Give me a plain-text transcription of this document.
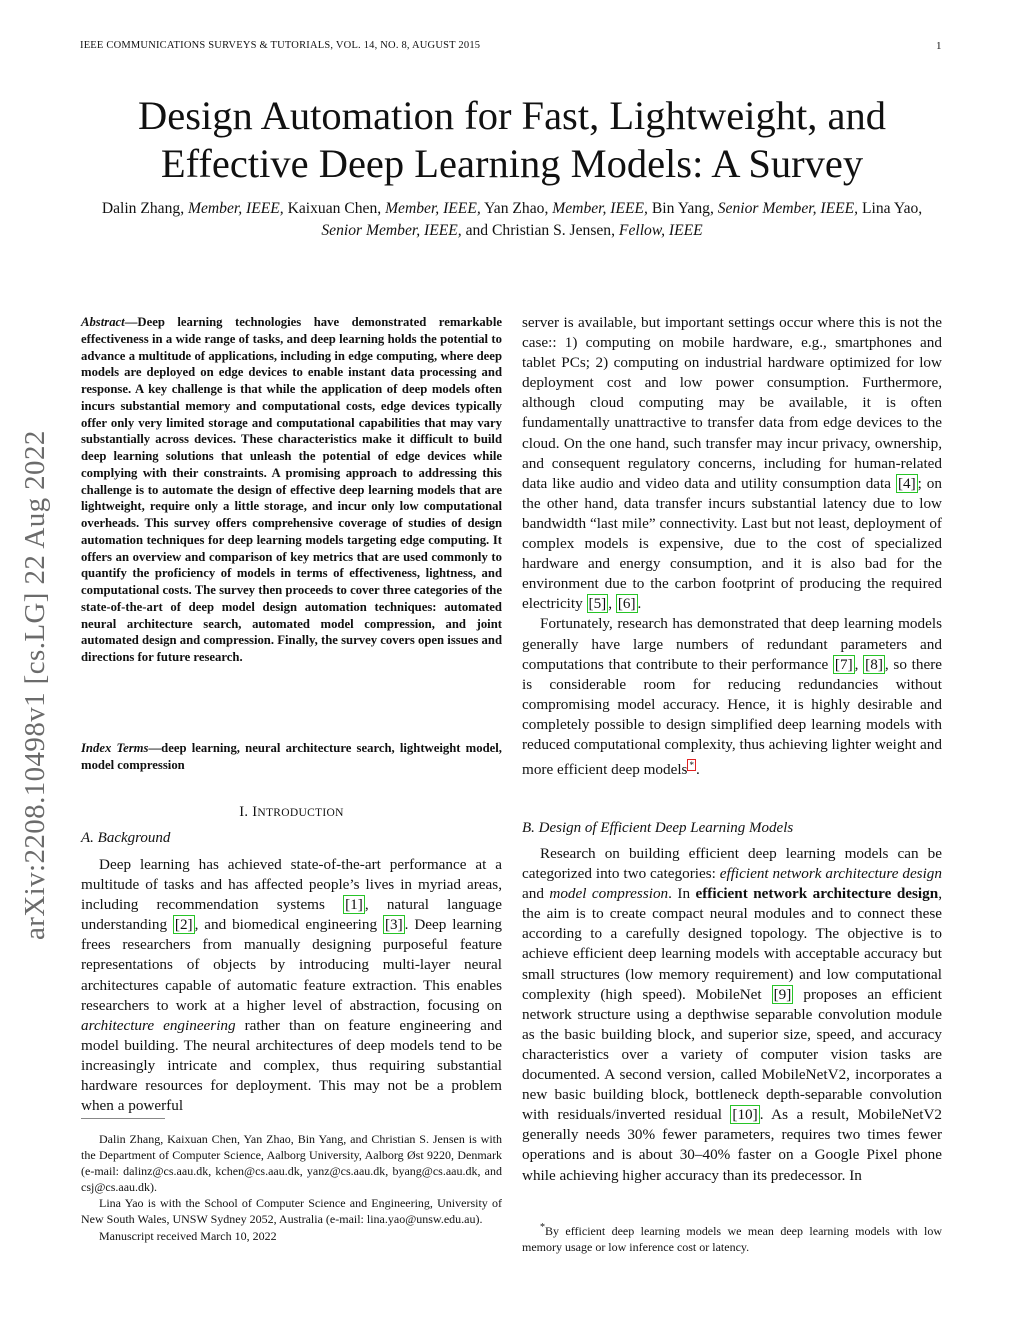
IEEE COMMUNICATIONS SURVEYS & TUTORIALS, VOL. 14, NO. 8, AUGUST 2015	1
Design Automation for Fast, Lightweight, and
Effective Deep Learning Models: A Survey
Dalin Zhang, Member, IEEE, Kaixuan Chen, Member, IEEE, Yan Zhao, Member, IEEE, Bin Yang, Senior Member, IEEE, Lina Yao, Senior Member, IEEE, and Christian S. Jensen, Fellow, IEEE
arXiv:2208.10498v1 [cs.LG] 22 Aug 2022
Abstract—Deep learning technologies have demonstrated remarkable effectiveness in a wide range of tasks, and deep learning holds the potential to advance a multitude of applications, including in edge computing, where deep models are deployed on edge devices to enable instant data processing and response. A key challenge is that while the application of deep models often incurs substantial memory and computational costs, edge devices typically offer only very limited storage and computational capabilities that may vary substantially across devices. These characteristics make it difficult to build deep learning solutions that unleash the potential of edge devices while complying with their constraints. A promising approach to addressing this challenge is to automate the design of effective deep learning models that are lightweight, require only a little storage, and incur only low computational overheads. This survey offers comprehensive coverage of studies of design automation techniques for deep learning models targeting edge computing. It offers an overview and comparison of key metrics that are used commonly to quantify the proficiency of models in terms of effectiveness, lightness, and computational costs. The survey then proceeds to cover three categories of the state-of-the-art of deep model design automation techniques: automated neural architecture search, automated model compression, and joint automated design and compression. Finally, the survey covers open issues and directions for future research.
Index Terms—deep learning, neural architecture search, lightweight model, model compression
I. INTRODUCTION
A. Background

Deep learning has achieved state-of-the-art performance at a multitude of tasks and has affected people’s lives in myriad areas, including recommendation systems [1] , natural language understanding [2] , and biomedical engineering [3] . Deep learning frees researchers from manually designing purposeful feature representations of objects by introducing multi-layer neural architectures capable of automatic feature extraction. This enables researchers to work at a higher level of abstraction, focusing on architecture engineering rather than on feature engineering and model building. The neural architectures of deep models tend to be increasingly intricate and complex, thus requiring substantial hardware resources for deployment. This may not be a problem when a powerful

Dalin Zhang, Kaixuan Chen, Yan Zhao, Bin Yang, and Christian S. Jensen is with the Department of Computer Science, Aalborg University, Aalborg Øst 9220, Denmark (e-mail: dalinz@cs.aau.dk, kchen@cs.aau.dk, yanz@cs.aau.dk, byang@cs.aau.dk, and csj@cs.aau.dk).

Lina Yao is with the School of Computer Science and Engineering, University of New South Wales, UNSW Sydney 2052, Australia (e-mail: lina.yao@unsw.edu.au).

Manuscript received March 10, 2022

server is available, but important settings occur where this is not the case:: 1) computing on mobile hardware, e.g., smartphones and tablet PCs; 2) computing on industrial hardware optimized for low deployment cost and low power consumption. Furthermore, although cloud computing may be available, it is often fundamentally unattractive to transfer data from edge devices to the cloud. On the one hand, such transfer may incur privacy, ownership, and consequent regulatory concerns, including for human-related data like audio and video data and utility consumption data [4] ; on the other hand, data transfer incurs substantial latency due to low bandwidth “last mile” connectivity. Last but not least, deployment of complex models is expensive, due to the cost of specialized hardware and energy consumption, and it is also bad for the environment due to the carbon footprint of producing the required electricity [5] , [6] .

Fortunately, research has demonstrated that deep learning models generally have large numbers of redundant parameters and computations that contribute to their performance [7] , [8] , so there is considerable room for reducing redundancies without compromising model accuracy. Hence, it is highly desirable and completely possible to design simplified deep learning models with reduced computational complexity, thus achieving lighter weight and more efficient deep models * .

B. Design of Efficient Deep Learning Models

Research on building efficient deep learning models can be categorized into two categories: efficient network architecture design and model compression. In efficient network architecture design, the aim is to create compact neural modules and to connect these according to a carefully designed topology. The objective is to achieve efficient deep learning models with acceptable accuracy but small structures (low memory requirement) and low computational complexity (high speed). MobileNet [9] proposes an efficient network structure using a depthwise separable convolution module as the basic building block, and superior size, speed, and accuracy characteristics over a variety of computer vision tasks are documented. A second version, called MobileNetV2, incorporates a new basic building block, bottleneck depth-separable convolution with residuals/inverted residual [10] . As a result, MobileNetV2 generally needs 30% fewer parameters, requires two times fewer operations and is about 30–40% faster on a Google Pixel phone while achieving higher accuracy than its predecessor. In

*By efficient deep learning models we mean deep learning models with low memory usage or low inference cost or latency.
